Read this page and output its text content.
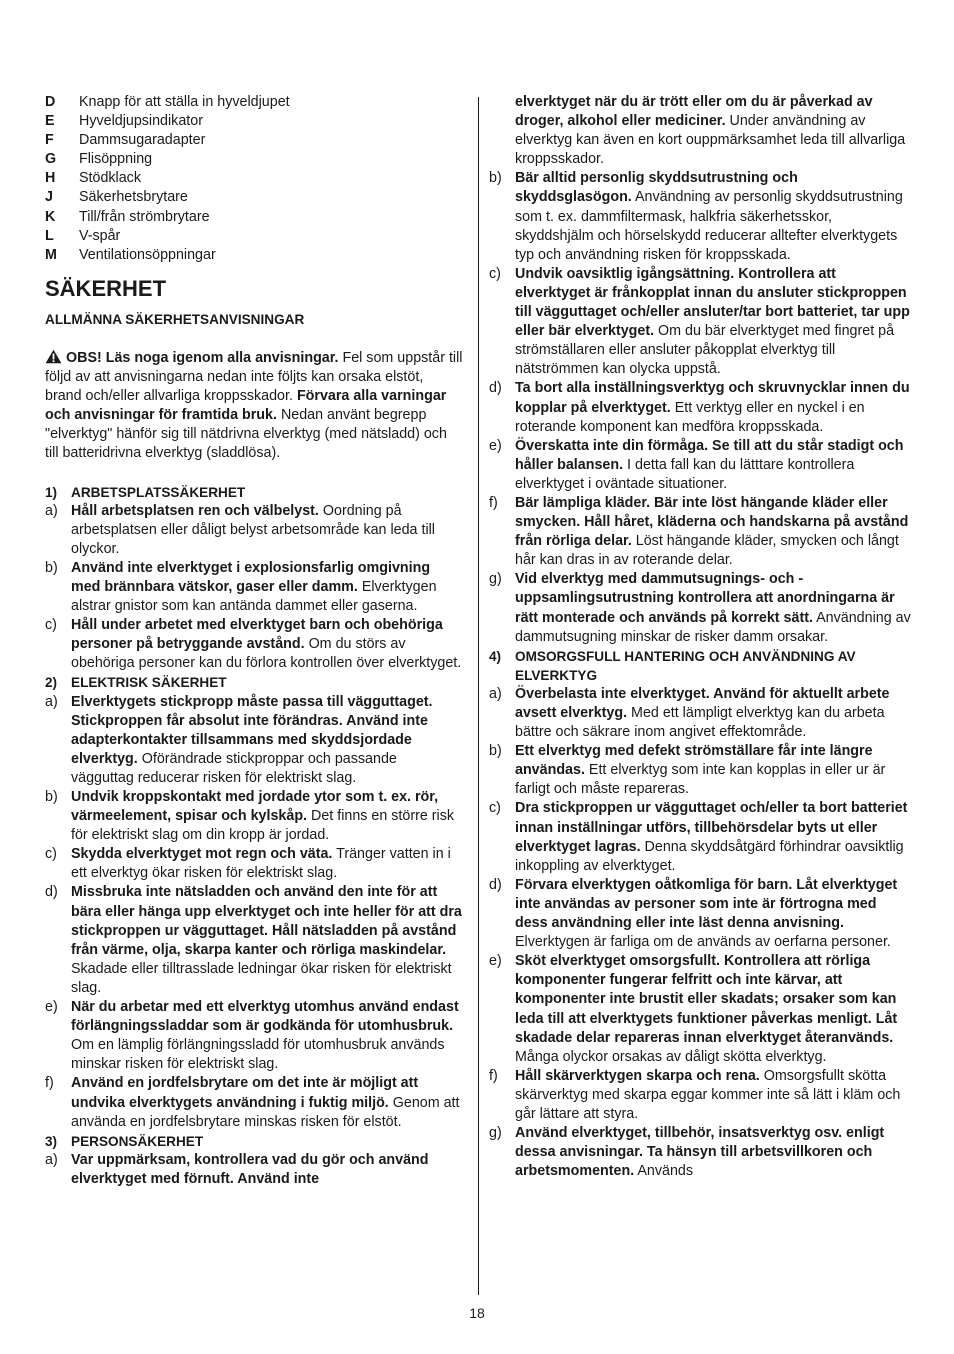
D	Knapp för att ställa in hyveldjupet
E	Hyveldjupsindikator
F	Dammsugaradapter
G	Flisöppning
H	Stödklack
J	Säkerhetsbrytare
K	Till/från strömbrytare
L	V-spår
M	Ventilationsöppningar
SÄKERHET
ALLMÄNNA SÄKERHETSANVISNINGAR

OBS! Läs noga igenom alla anvisningar. Fel som uppstår till följd av att anvisningarna nedan inte följts kan orsaka elstöt, brand och/eller allvarliga kroppsskador. Förvara alla varningar och anvisningar för framtida bruk. Nedan använt begrepp "elverktyg" hänför sig till nätdrivna elverktyg (med nätsladd) och till batteridrivna elverktyg (sladdlösa).

1)	ARBETSPLATSSÄKERHET
a) Håll arbetsplatsen ren och välbelyst. Oordning på arbetsplatsen eller dåligt belyst arbetsområde kan leda till olyckor.

b) Använd inte elverktyget i explosionsfarlig omgivning med brännbara vätskor, gaser eller damm. Elverktygen alstrar gnistor som kan antända dammet eller gaserna.

c) Håll under arbetet med elverktyget barn och obehöriga personer på betryggande avstånd. Om du störs av obehöriga personer kan du förlora kontrollen över elverktyget.

2)	ELEKTRISK SÄKERHET
a) Elverktygets stickpropp måste passa till vägguttaget. Stickproppen får absolut inte förändras. Använd inte adapterkontakter tillsammans med skyddsjordade elverktyg. Oförändrade stickproppar och passande vägguttag reducerar risken för elektriskt slag.

b) Undvik kroppskontakt med jordade ytor som t. ex. rör, värmeelement, spisar och kylskåp. Det finns en större risk för elektriskt slag om din kropp är jordad.

c) Skydda elverktyget mot regn och väta. Tränger vatten in i ett elverktyg ökar risken för elektriskt slag.

d) Missbruka inte nätsladden och använd den inte för att bära eller hänga upp elverktyget och inte heller för att dra stickproppen ur vägguttaget. Håll nätsladden på avstånd från värme, olja, skarpa kanter och rörliga maskindelar. Skadade eller tilltrasslade ledningar ökar risken för elektriskt slag.

e) När du arbetar med ett elverktyg utomhus använd endast förlängningssladdar som är godkända för utomhusbruk. Om en lämplig förlängningssladd för utomhusbruk används minskar risken för elektriskt slag.

f)	Använd en jordfelsbrytare om det inte är möjligt att undvika elverktygets användning i fuktig miljö. Genom att använda en jordfelsbrytare minskas risken för elstöt.

3)	PERSONSÄKERHET
a) Var uppmärksam, kontrollera vad du gör och använd elverktyget med förnuft. Använd inte

elverktyget när du är trött eller om du är påverkad av droger, alkohol eller mediciner. Under användning av elverktyg kan även en kort ouppmärksamhet leda till allvarliga kroppsskador.

b) Bär alltid personlig skyddsutrustning och skyddsglasögon. Användning av personlig skyddsutrustning som t. ex. dammfiltermask, halkfria säkerhetsskor, skyddshjälm och hörselskydd reducerar alltefter elverktygets typ och användning risken för kroppsskada.

c) Undvik oavsiktlig igångsättning. Kontrollera att elverktyget är frånkopplat innan du ansluter stickproppen till vägguttaget och/eller ansluter/tar bort batteriet, tar upp eller bär elverktyget. Om du bär elverktyget med fingret på strömställaren eller ansluter påkopplat elverktyg till nätströmmen kan olycka uppstå.

d) Ta bort alla inställningsverktyg och skruvnycklar innen du kopplar på elverktyget. Ett verktyg eller en nyckel i en roterande komponent kan medföra kroppsskada.

e) Överskatta inte din förmåga. Se till att du står stadigt och håller balansen. I detta fall kan du lätttare kontrollera elverktyget i oväntade situationer.

f)	Bär lämpliga kläder. Bär inte löst hängande kläder eller smycken. Håll håret, kläderna och handskarna på avstånd från rörliga delar. Löst hängande kläder, smycken och långt hår kan dras in av roterande delar.

g) Vid elverktyg med dammutsugnings- och -uppsamlingsutrustning kontrollera att anordningarna är rätt monterade och används på korrekt sätt. Användning av dammutsugning minskar de risker damm orsakar.

4)	OMSORGSFULL HANTERING OCH ANVÄNDNING AV ELVERKTYG
a) Överbelasta inte elverktyget. Använd för aktuellt arbete avsett elverktyg. Med ett lämpligt elverktyg kan du arbeta bättre och säkrare inom angivet effektområde.

b) Ett elverktyg med defekt strömställare får inte längre användas. Ett elverktyg som inte kan kopplas in eller ur är farligt och måste repareras.

c) Dra stickproppen ur vägguttaget och/eller ta bort batteriet innan inställningar utförs, tillbehörsdelar byts ut eller elverktyget lagras. Denna skyddsåtgärd förhindrar oavsiktlig inkoppling av elverktyget.

d) Förvara elverktygen oåtkomliga för barn. Låt elverktyget inte användas av personer som inte är förtrogna med dess användning eller inte läst denna anvisning. Elverktygen är farliga om de används av oerfarna personer.

e) Sköt elverktyget omsorgsfullt. Kontrollera att rörliga komponenter fungerar felfritt och inte kärvar, att komponenter inte brustit eller skadats; orsaker som kan leda till att elverktygets funktioner påverkas menligt. Låt skadade delar repareras innan elverktyget återanvänds. Många olyckor orsakas av dåligt skötta elverktyg.

f)	Håll skärverktygen skarpa och rena. Omsorgsfullt skötta skärverktyg med skarpa eggar kommer inte så lätt i kläm och går lättare att styra.

g) Använd elverktyget, tillbehör, insatsverktyg osv. enligt dessa anvisningar. Ta hänsyn till arbetsvillkoren och arbetsmomenten. Används

18
